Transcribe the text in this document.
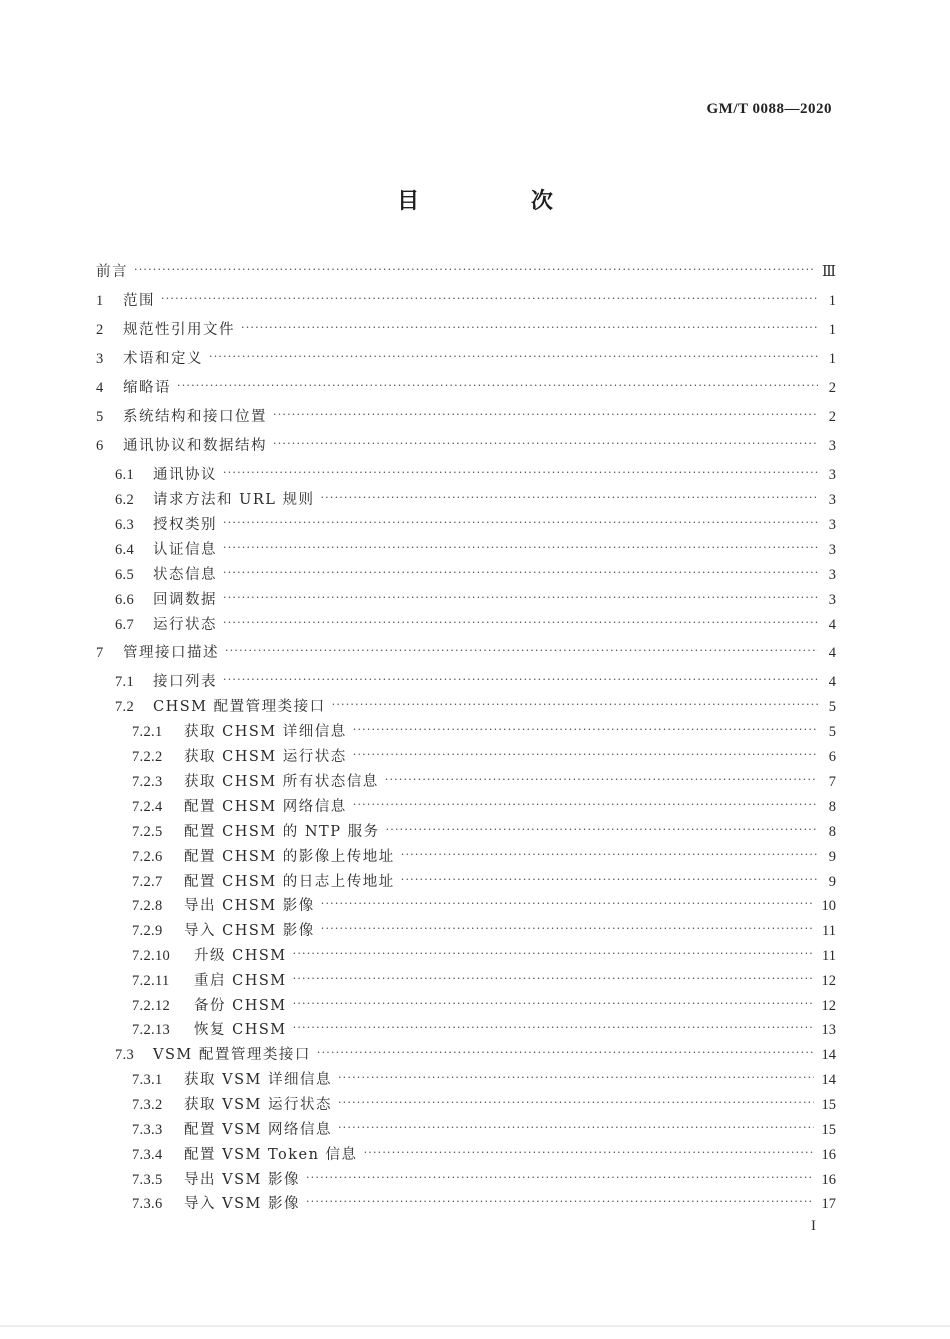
GM/T 0088—2020
目 次
前言 ·····	Ⅲ
1	范围 ·····	1
2	规范性引用文件 ·····	1
3	术语和定义 ·····	1
4	缩略语 ·····	2
5	系统结构和接口位置 ·····	2
6	通讯协议和数据结构 ·····	3
6.1	通讯协议 ·····	3
6.2	请求方法和 URL 规则 ·····	3
6.3	授权类别 ·····	3
6.4	认证信息 ·····	3
6.5	状态信息 ·····	3
6.6	回调数据 ·····	3
6.7	运行状态 ·····	4
7	管理接口描述 ·····	4
7.1	接口列表 ·····	4
7.2	CHSM 配置管理类接口 ·····	5
7.2.1	获取 CHSM 详细信息 ·····	5
7.2.2	获取 CHSM 运行状态 ·····	6
7.2.3	获取 CHSM 所有状态信息 ·····	7
7.2.4	配置 CHSM 网络信息 ·····	8
7.2.5	配置 CHSM 的 NTP 服务 ·····	8
7.2.6	配置 CHSM 的影像上传地址 ·····	9
7.2.7	配置 CHSM 的日志上传地址 ·····	9
7.2.8	导出 CHSM 影像 ·····	10
7.2.9	导入 CHSM 影像 ·····	11
7.2.10	升级 CHSM ·····	11
7.2.11	重启 CHSM ·····	12
7.2.12	备份 CHSM ·····	12
7.2.13	恢复 CHSM ·····	13
7.3	VSM 配置管理类接口 ·····	14
7.3.1	获取 VSM 详细信息 ·····	14
7.3.2	获取 VSM 运行状态 ·····	15
7.3.3	配置 VSM 网络信息 ·····	15
7.3.4	配置 VSM Token 信息 ·····	16
7.3.5	导出 VSM 影像 ·····	16
7.3.6	导入 VSM 影像 ·····	17
I
